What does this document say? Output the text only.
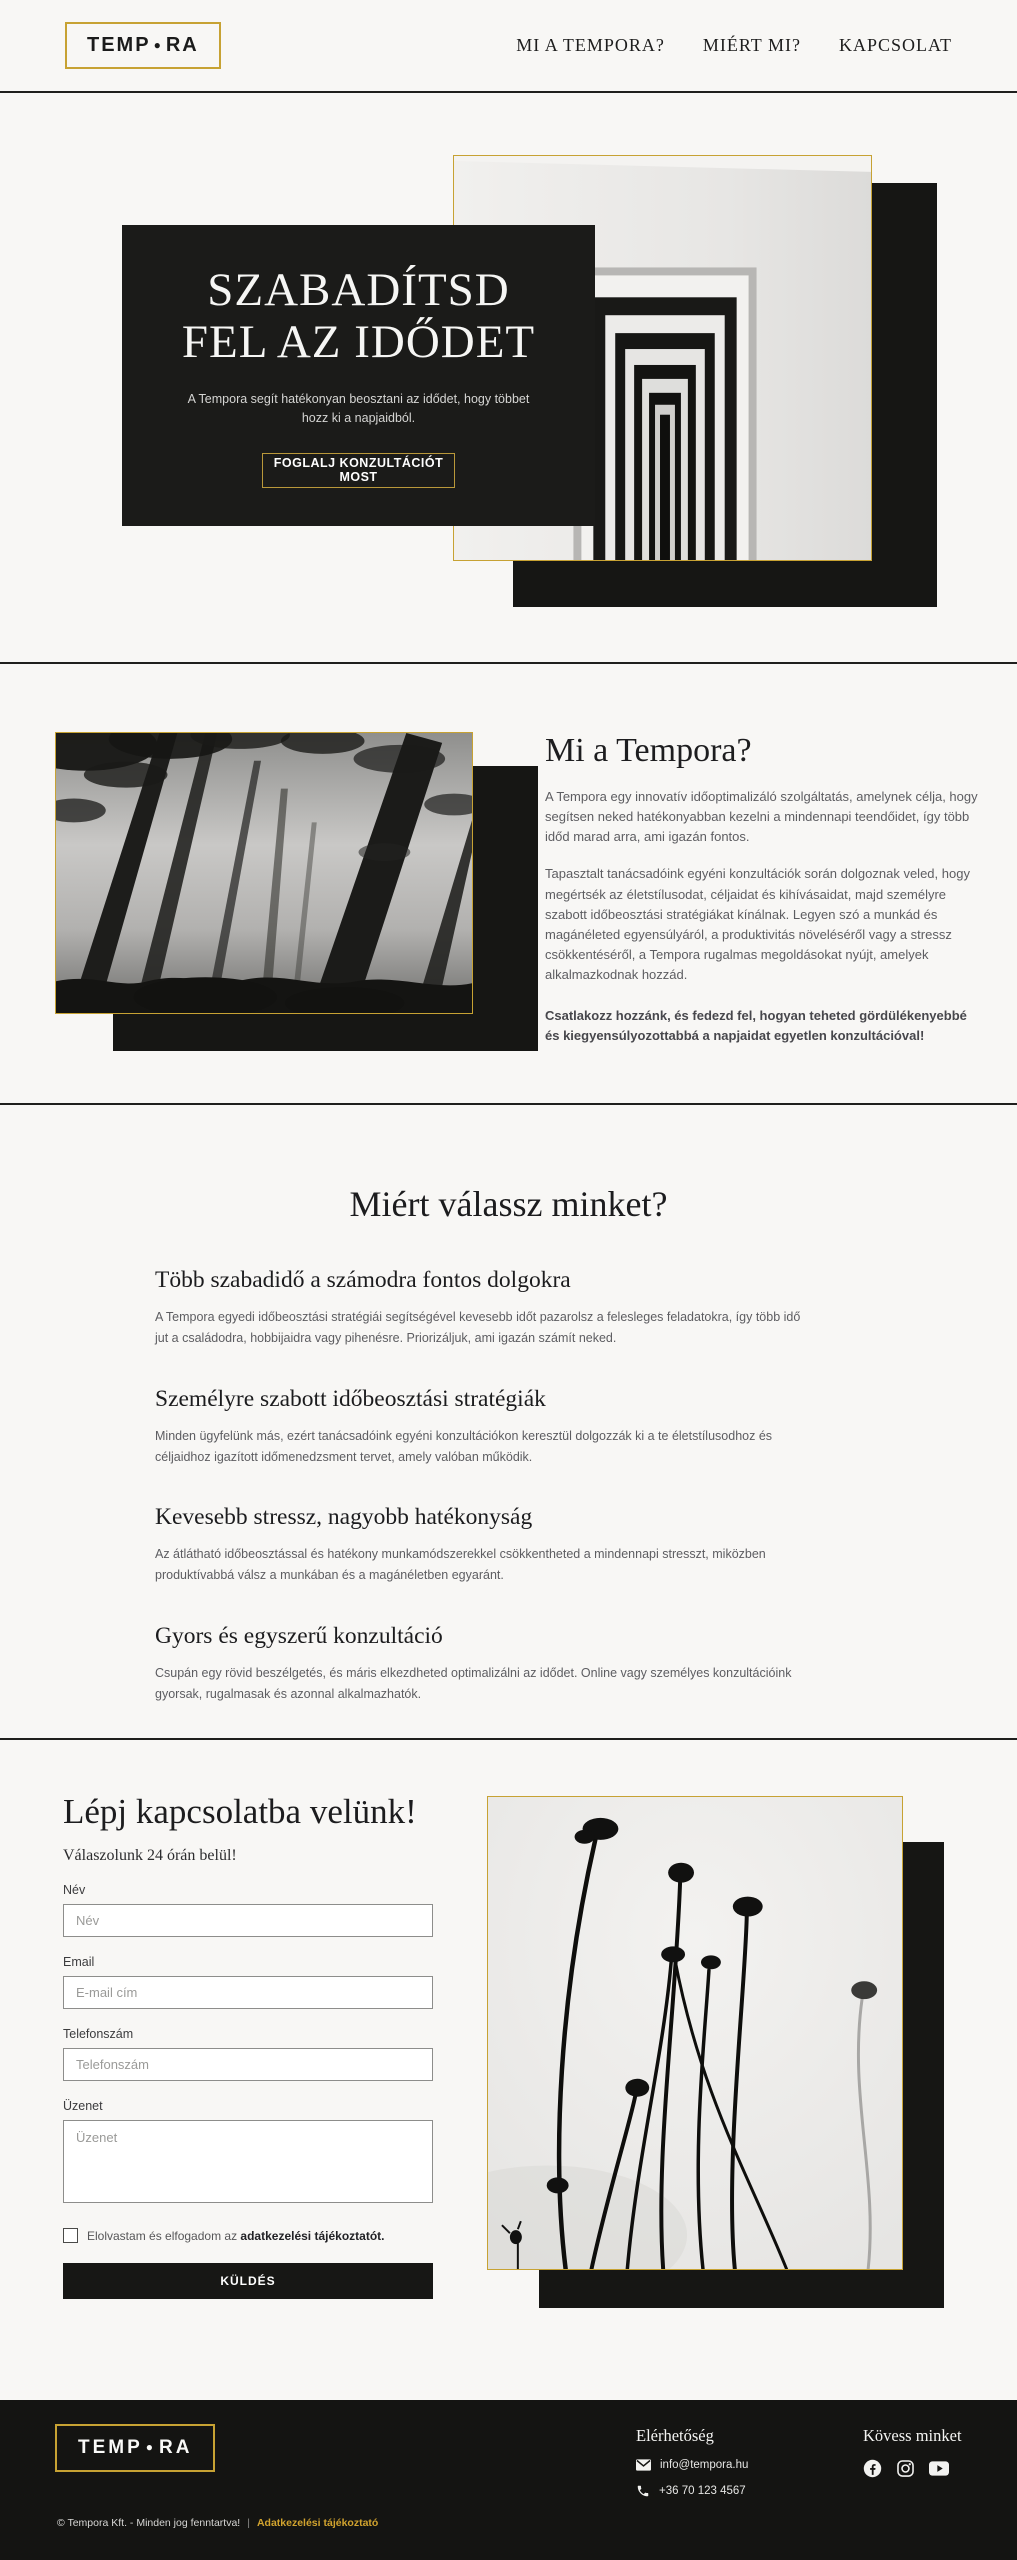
TEMP ● RA	MI A TEMPORA? MIÉRT MI? KAPCSOLAT
SZABADÍTSD
FEL AZ IDŐDET

A Tempora segít hatékonyan beosztani az idődet, hogy többet hozz ki a napjaidból.

FOGLALJ KONZULTÁCIÓT MOST
Mi a Tempora?

A Tempora egy innovatív időoptimalizáló szolgáltatás, amelynek célja, hogy segítsen neked hatékonyabban kezelni a mindennapi teendőidet, így több időd marad arra, ami igazán fontos.

Tapasztalt tanácsadóink egyéni konzultációk során dolgoznak veled, hogy megértsék az életstílusodat, céljaidat és kihívásaidat, majd személyre szabott időbeosztási stratégiákat kínálnak. Legyen szó a munkád és magánéleted egyensúlyáról, a produktivitás növeléséről vagy a stressz csökkentéséről, a Tempora rugalmas megoldásokat nyújt, amelyek alkalmazkodnak hozzád.

Csatlakozz hozzánk, és fedezd fel, hogyan teheted gördülékenyebbé és kiegyensúlyozottabbá a napjaidat egyetlen konzultációval!

Miért válassz minket?
Több szabadidő a számodra fontos dolgokra

A Tempora egyedi időbeosztási stratégiái segítségével kevesebb időt pazarolsz a felesleges feladatokra, így több idő jut a családodra, hobbijaidra vagy pihenésre. Priorizáljuk, ami igazán számít neked.

Személyre szabott időbeosztási stratégiák

Minden ügyfelünk más, ezért tanácsadóink egyéni konzultációkon keresztül dolgozzák ki a te életstílusodhoz és céljaidhoz igazított időmenedzsment tervet, amely valóban működik.

Kevesebb stressz, nagyobb hatékonyság

Az átlátható időbeosztással és hatékony munkamódszerekkel csökkentheted a mindennapi stresszt, miközben produktívabbá válsz a munkában és a magánéletben egyaránt.

Gyors és egyszerű konzultáció

Csupán egy rövid beszélgetés, és máris elkezdheted optimalizálni az idődet. Online vagy személyes konzultációink gyorsak, rugalmasak és azonnal alkalmazhatók.

Lépj kapcsolatba velünk!
Válaszolunk 24 órán belül!
Név
Név
Email
E-mail cím
Telefonszám
Telefonszám
Üzenet
Üzenet
Elolvastam és elfogadom az adatkezelési tájékoztatót.
KÜLDÉS
TEMP ● RA
Elérhetőség
info@tempora.hu
+36 70 123 4567
Kövess minket
© Tempora Kft. - Minden jog fenntartva! | Adatkezelési tájékoztató
